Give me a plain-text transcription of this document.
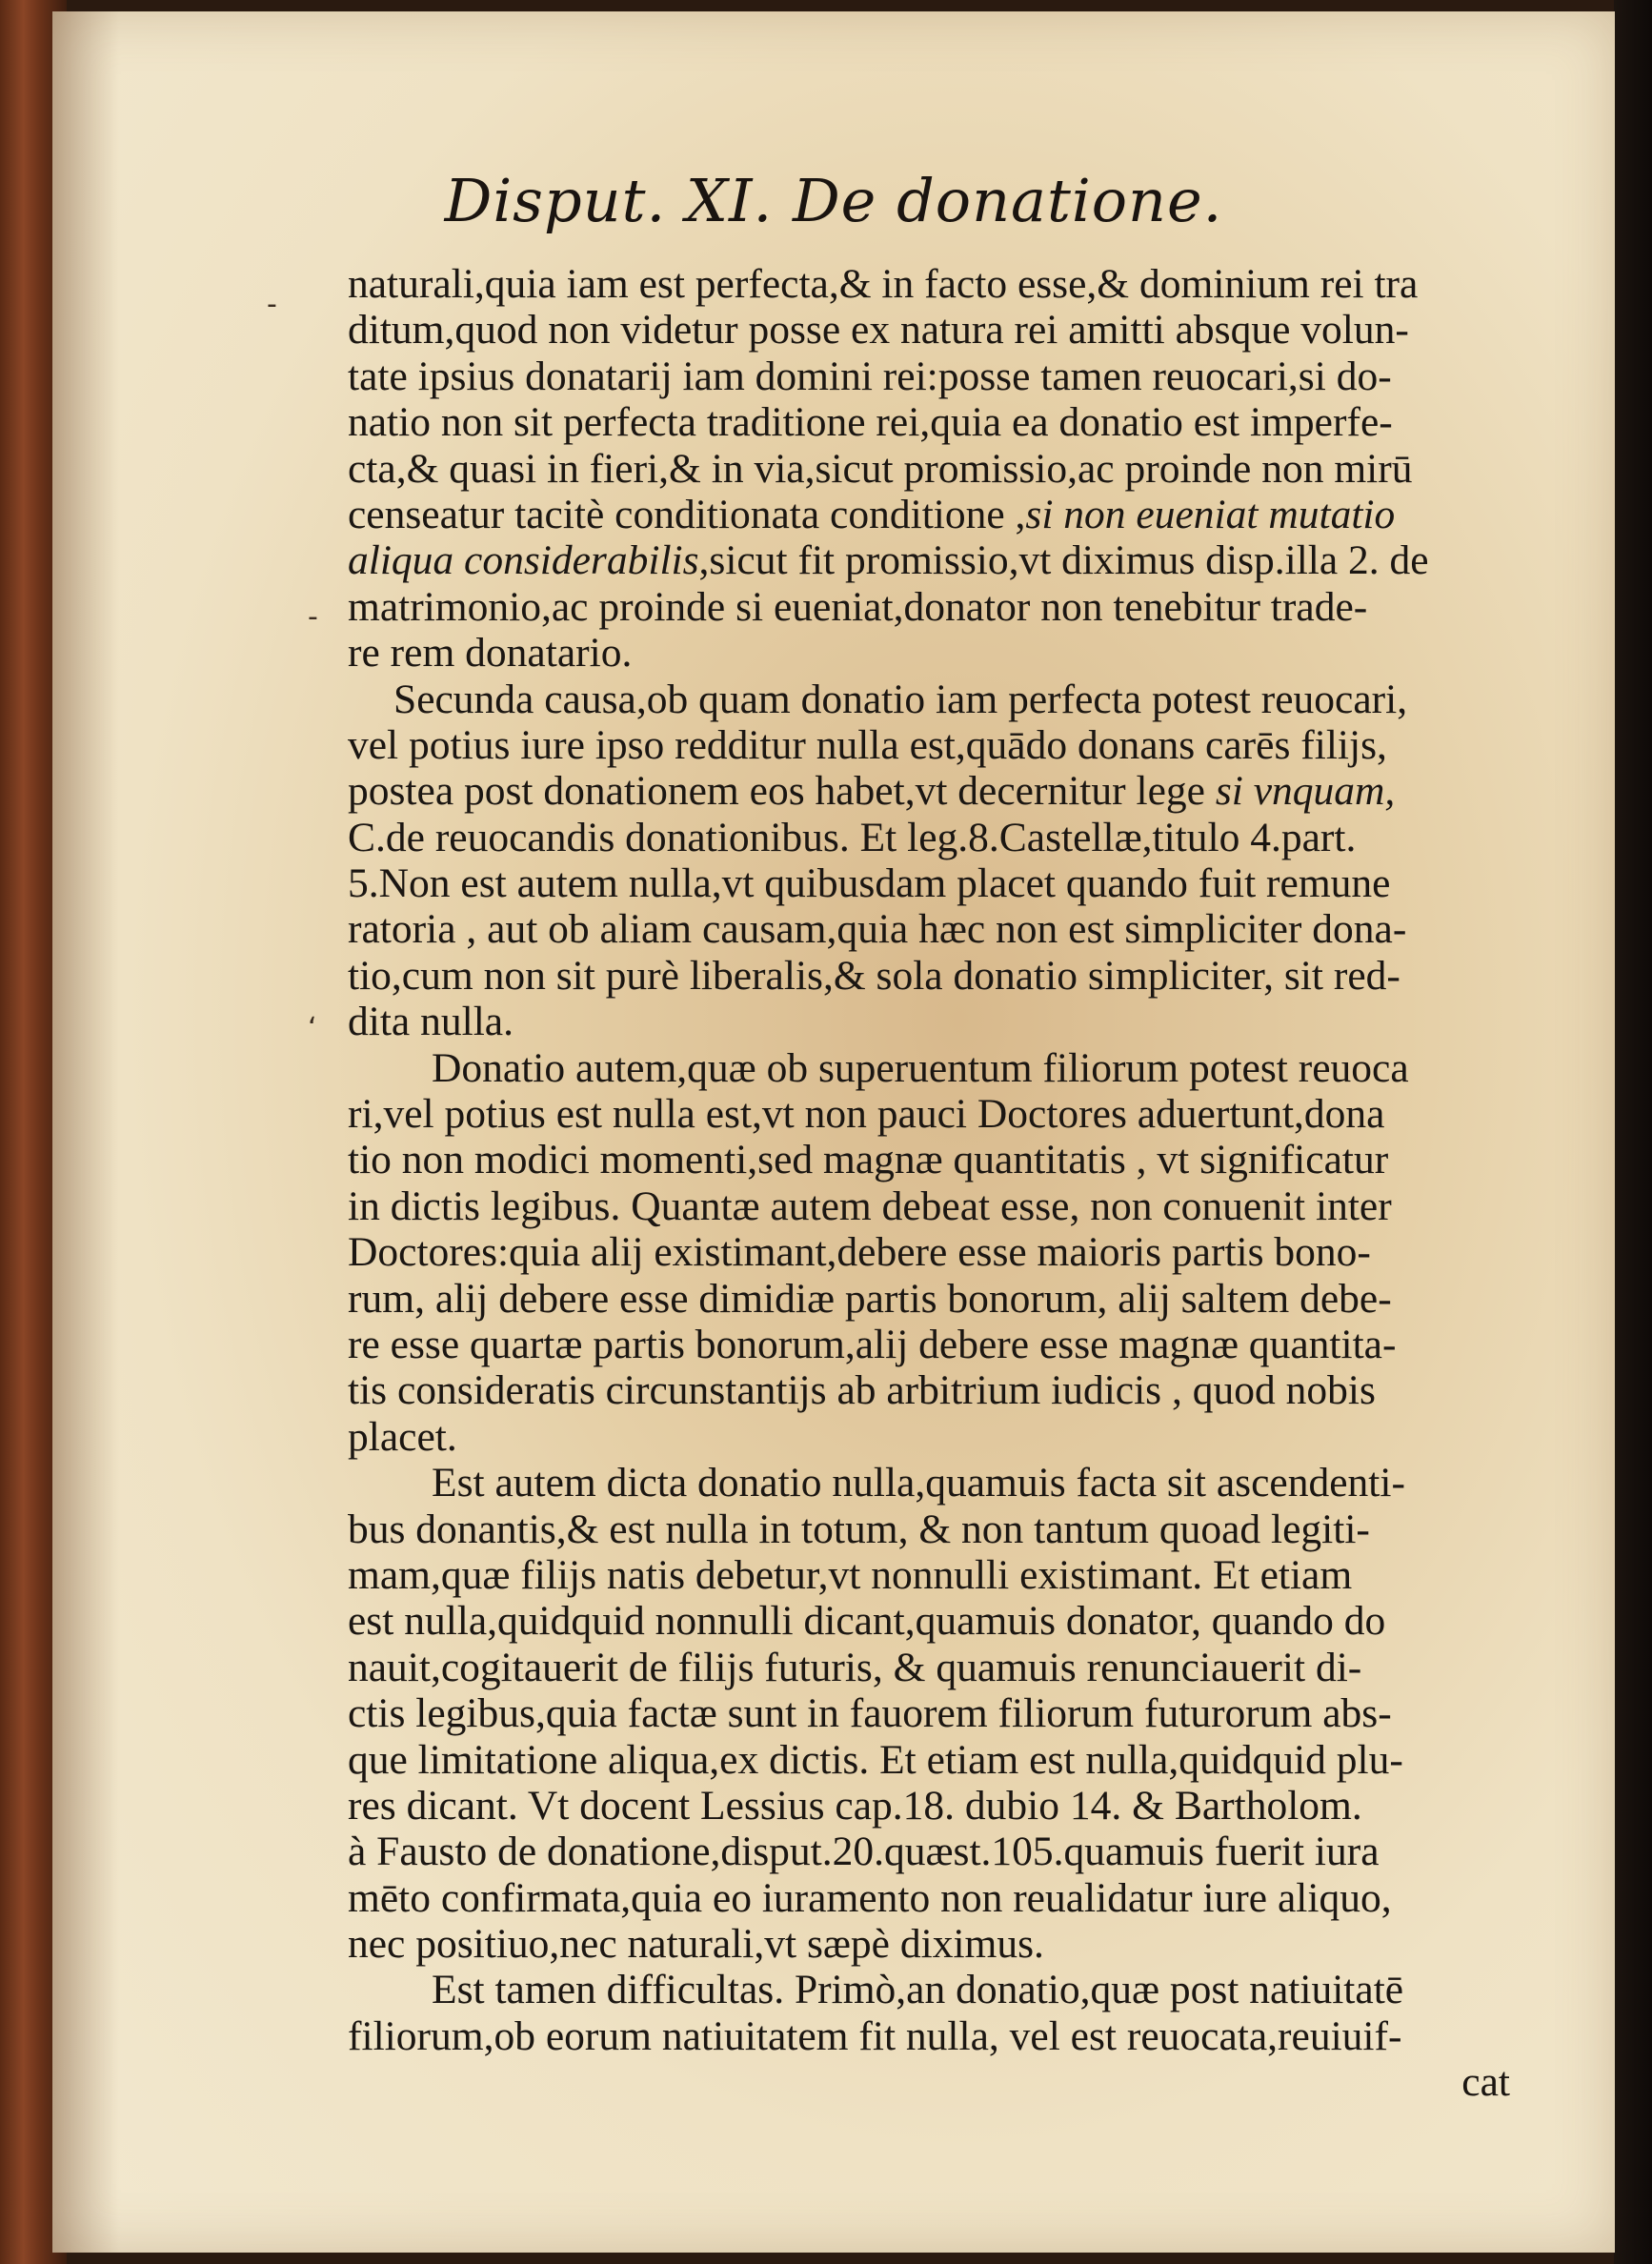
Disput. XI. De donatione.
-
-
ʻ
naturali,quia iam est perfecta,& in facto esse,& dominium rei tra
ditum,quod non videtur posse ex natura rei amitti absque volun-
tate ipsius donatarij iam domini rei:posse tamen reuocari,si do-
natio non sit perfecta traditione rei,quia ea donatio est imperfe-
cta,& quasi in fieri,& in via,sicut promissio,ac proinde non mirū
censeatur tacitè conditionata conditione ,si non eueniat mutatio
aliqua considerabilis,sicut fit promissio,vt diximus disp.illa 2. de
matrimonio,ac proinde si eueniat,donator non tenebitur trade-
re rem donatario.
Secunda causa,ob quam donatio iam perfecta potest reuocari,
vel potius iure ipso redditur nulla est,quādo donans carēs filijs,
postea post donationem eos habet,vt decernitur lege si vnquam,
C.de reuocandis donationibus. Et leg.8.Castellæ,titulo 4.part.
5.Non est autem nulla,vt quibusdam placet quando fuit remune
ratoria , aut ob aliam causam,quia hæc non est simpliciter dona-
tio,cum non sit purè liberalis,& sola donatio simpliciter, sit red-
dita nulla.
Donatio autem,quæ ob superuentum filiorum potest reuoca
ri,vel potius est nulla est,vt non pauci Doctores aduertunt,dona
tio non modici momenti,sed magnæ quantitatis , vt significatur
in dictis legibus. Quantæ autem debeat esse, non conuenit inter
Doctores:quia alij existimant,debere esse maioris partis bono-
rum, alij debere esse dimidiæ partis bonorum, alij saltem debe-
re esse quartæ partis bonorum,alij debere esse magnæ quantita-
tis consideratis circunstantijs ab arbitrium iudicis , quod nobis
placet.
Est autem dicta donatio nulla,quamuis facta sit ascendenti-
bus donantis,& est nulla in totum, & non tantum quoad legiti-
mam,quæ filijs natis debetur,vt nonnulli existimant. Et etiam
est nulla,quidquid nonnulli dicant,quamuis donator, quando do
nauit,cogitauerit de filijs futuris, & quamuis renunciauerit di-
ctis legibus,quia factæ sunt in fauorem filiorum futurorum abs-
que limitatione aliqua,ex dictis. Et etiam est nulla,quidquid plu-
res dicant. Vt docent Lessius cap.18. dubio 14. & Bartholom.
à Fausto de donatione,disput.20.quæst.105.quamuis fuerit iura
mēto confirmata,quia eo iuramento non reualidatur iure aliquo,
nec positiuo,nec naturali,vt sæpè diximus.
Est tamen difficultas. Primò,an donatio,quæ post natiuitatē
filiorum,ob eorum natiuitatem fit nulla, vel est reuocata,reuiuif-
cat
